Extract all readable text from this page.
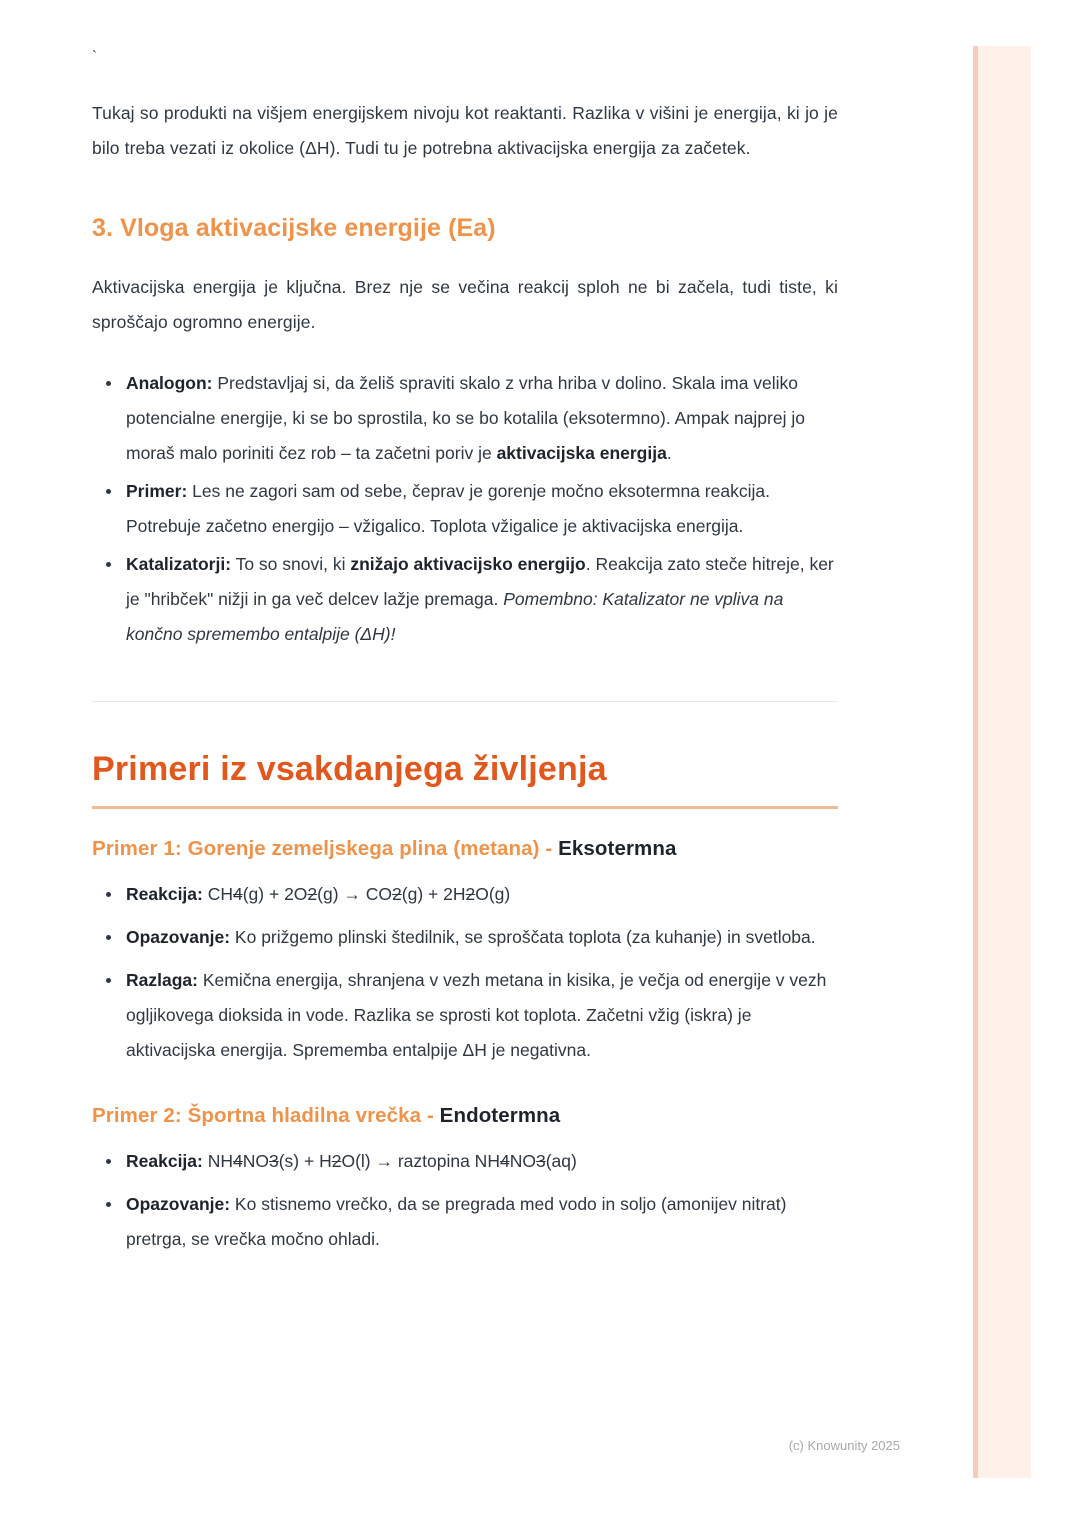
`

Tukaj so produkti na višjem energijskem nivoju kot reaktanti. Razlika v višini je energija, ki jo je bilo treba vezati iz okolice (ΔH). Tudi tu je potrebna aktivacijska energija za začetek.

3. Vloga aktivacijske energije (Ea)

Aktivacijska energija je ključna. Brez nje se večina reakcij sploh ne bi začela, tudi tiste, ki sproščajo ogromno energije.

Analogon: Predstavljaj si, da želiš spraviti skalo z vrha hriba v dolino. Skala ima veliko potencialne energije, ki se bo sprostila, ko se bo kotalila (eksotermno). Ampak najprej jo moraš malo poriniti čez rob – ta začetni poriv je aktivacijska energija.
Primer: Les ne zagori sam od sebe, čeprav je gorenje močno eksotermna reakcija. Potrebuje začetno energijo – vžigalico. Toplota vžigalice je aktivacijska energija.
Katalizatorji: To so snovi, ki znižajo aktivacijsko energijo. Reakcija zato steče hitreje, ker je "hribček" nižji in ga več delcev lažje premaga. Pomembno: Katalizator ne vpliva na končno spremembo entalpije (ΔH)!
Primeri iz vsakdanjega življenja
Primer 1: Gorenje zemeljskega plina (metana) - Eksotermna
Reakcija: CH4(g) + 2O2(g) → CO2(g) + 2H2O(g)
Opazovanje: Ko prižgemo plinski štedilnik, se sproščata toplota (za kuhanje) in svetloba.
Razlaga: Kemična energija, shranjena v vezh metana in kisika, je večja od energije v vezh ogljikovega dioksida in vode. Razlika se sprosti kot toplota. Začetni vžig (iskra) je aktivacijska energija. Sprememba entalpije ΔH je negativna.
Primer 2: Športna hladilna vrečka - Endotermna
Reakcija: NH4NO3(s) + H2O(l) → raztopina NH4NO3(aq)
Opazovanje: Ko stisnemo vrečko, da se pregrada med vodo in soljo (amonijev nitrat) pretrga, se vrečka močno ohladi.
(c) Knowunity 2025
